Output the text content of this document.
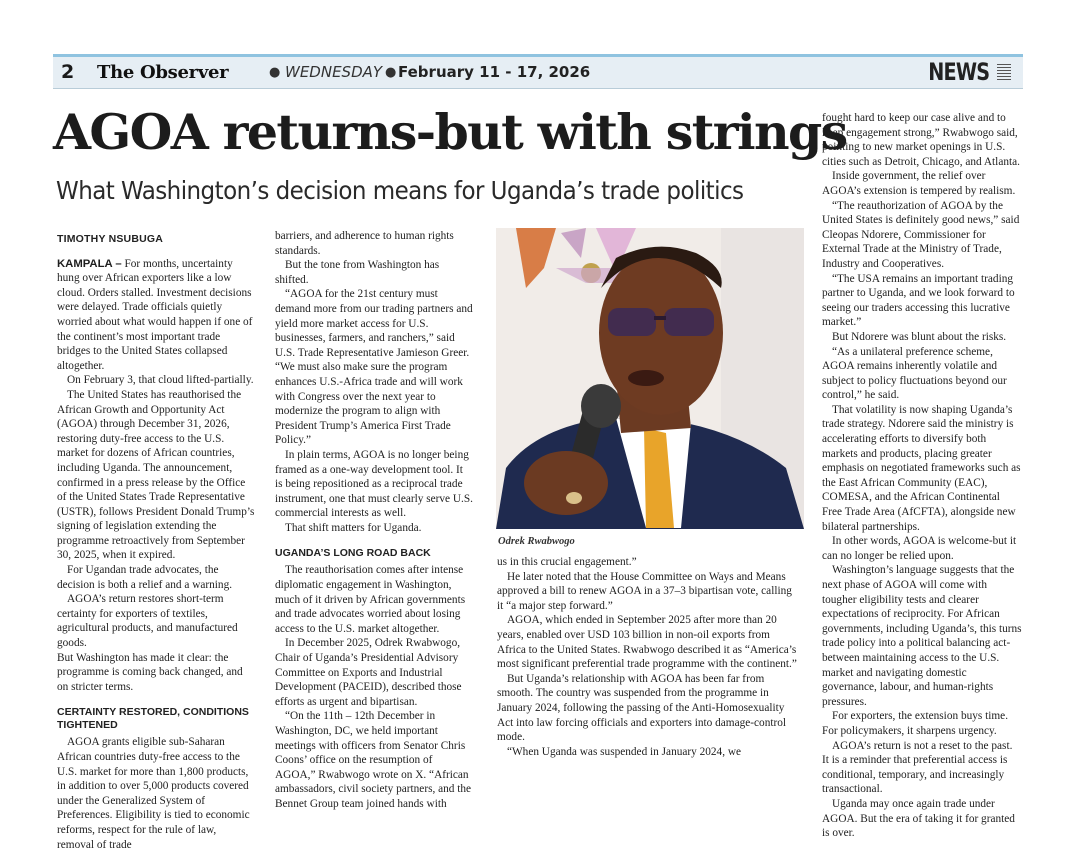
2 The Observer	● WEDNESDAY ● February 11 - 17, 2026	NEWS
AGOA returns-but with strings
What Washington’s decision means for Uganda’s trade politics
TIMOTHY NSUBUGA

KAMPALA – For months, uncertainty hung over African exporters like a low cloud. Orders stalled. Investment decisions were delayed. Trade officials quietly worried about what would happen if one of the continent’s most important trade bridges to the United States collapsed altogether.

On February 3, that cloud lifted-partially.

The United States has reauthorised the African Growth and Opportunity Act (AGOA) through December 31, 2026, restoring duty-free access to the U.S. market for dozens of African countries, including Uganda. The announcement, confirmed in a press release by the Office of the United States Trade Representative (USTR), follows President Donald Trump’s signing of legislation extending the programme retroactively from September 30, 2025, when it expired.

For Ugandan trade advocates, the decision is both a relief and a warning.

AGOA’s return restores short-term certainty for exporters of textiles, agricultural products, and manufactured goods.

But Washington has made it clear: the programme is coming back changed, and on stricter terms.

CERTAINTY RESTORED, CONDITIONS TIGHTENED

AGOA grants eligible sub-Saharan African countries duty-free access to the U.S. market for more than 1,800 products, in addition to over 5,000 products covered under the Generalized System of Preferences. Eligibility is tied to economic reforms, respect for the rule of law, removal of trade

barriers, and adherence to human rights standards.

But the tone from Washington has shifted.

“AGOA for the 21st century must demand more from our trading partners and yield more market access for U.S. businesses, farmers, and ranchers,” said U.S. Trade Representative Jamieson Greer. “We must also make sure the program enhances U.S.-Africa trade and will work with Congress over the next year to modernize the program to align with President Trump’s America First Trade Policy.”

In plain terms, AGOA is no longer being framed as a one-way development tool. It is being repositioned as a reciprocal trade instrument, one that must clearly serve U.S. commercial interests as well.

That shift matters for Uganda.

UGANDA’S LONG ROAD BACK

The reauthorisation comes after intense diplomatic engagement in Washington, much of it driven by African governments and trade advocates worried about losing access to the U.S. market altogether.

In December 2025, Odrek Rwabwogo, Chair of Uganda’s Presidential Advisory Committee on Exports and Industrial Development (PACEID), described those efforts as urgent and bipartisan.

“On the 11th – 12th December in Washington, DC, we held important meetings with officers from Senator Chris Coons’ office on the resumption of AGOA,” Rwabwogo wrote on X. “African ambassadors, civil society partners, and the Bennet Group team joined hands with

Odrek Rwabwogo

us in this crucial engagement.”

He later noted that the House Committee on Ways and Means approved a bill to renew AGOA in a 37–3 bipartisan vote, calling it “a major step forward.”

AGOA, which ended in September 2025 after more than 20 years, enabled over USD 103 billion in non-oil exports from Africa to the United States. Rwabwogo described it as “America’s most significant preferential trade programme with the continent.”

But Uganda’s relationship with AGOA has been far from smooth. The country was suspended from the programme in January 2024, following the passing of the Anti-Homosexuality Act into law forcing officials and exporters into damage-control mode.

“When Uganda was suspended in January 2024, we

fought hard to keep our case alive and to keep engagement strong,” Rwabwogo said, pointing to new market openings in U.S. cities such as Detroit, Chicago, and Atlanta.

Inside government, the relief over AGOA’s extension is tempered by realism.

“The reauthorization of AGOA by the United States is definitely good news,” said Cleopas Ndorere, Commissioner for External Trade at the Ministry of Trade, Industry and Cooperatives.

“The USA remains an important trading partner to Uganda, and we look forward to seeing our traders accessing this lucrative market.”

But Ndorere was blunt about the risks.

“As a unilateral preference scheme, AGOA remains inherently volatile and subject to policy fluctuations beyond our control,” he said.

That volatility is now shaping Uganda’s trade strategy. Ndorere said the ministry is accelerating efforts to diversify both markets and products, placing greater emphasis on negotiated frameworks such as the East African Community (EAC), COMESA, and the African Continental Free Trade Area (AfCFTA), alongside new bilateral partnerships.

In other words, AGOA is welcome-but it can no longer be relied upon.

Washington’s language suggests that the next phase of AGOA will come with tougher eligibility tests and clearer expectations of reciprocity. For African governments, including Uganda’s, this turns trade policy into a political balancing act-between maintaining access to the U.S. market and navigating domestic governance, labour, and human-rights pressures.

For exporters, the extension buys time. For policymakers, it sharpens urgency.

AGOA’s return is not a reset to the past. It is a reminder that preferential access is conditional, temporary, and increasingly transactional.

Uganda may once again trade under AGOA. But the era of taking it for granted is over.
